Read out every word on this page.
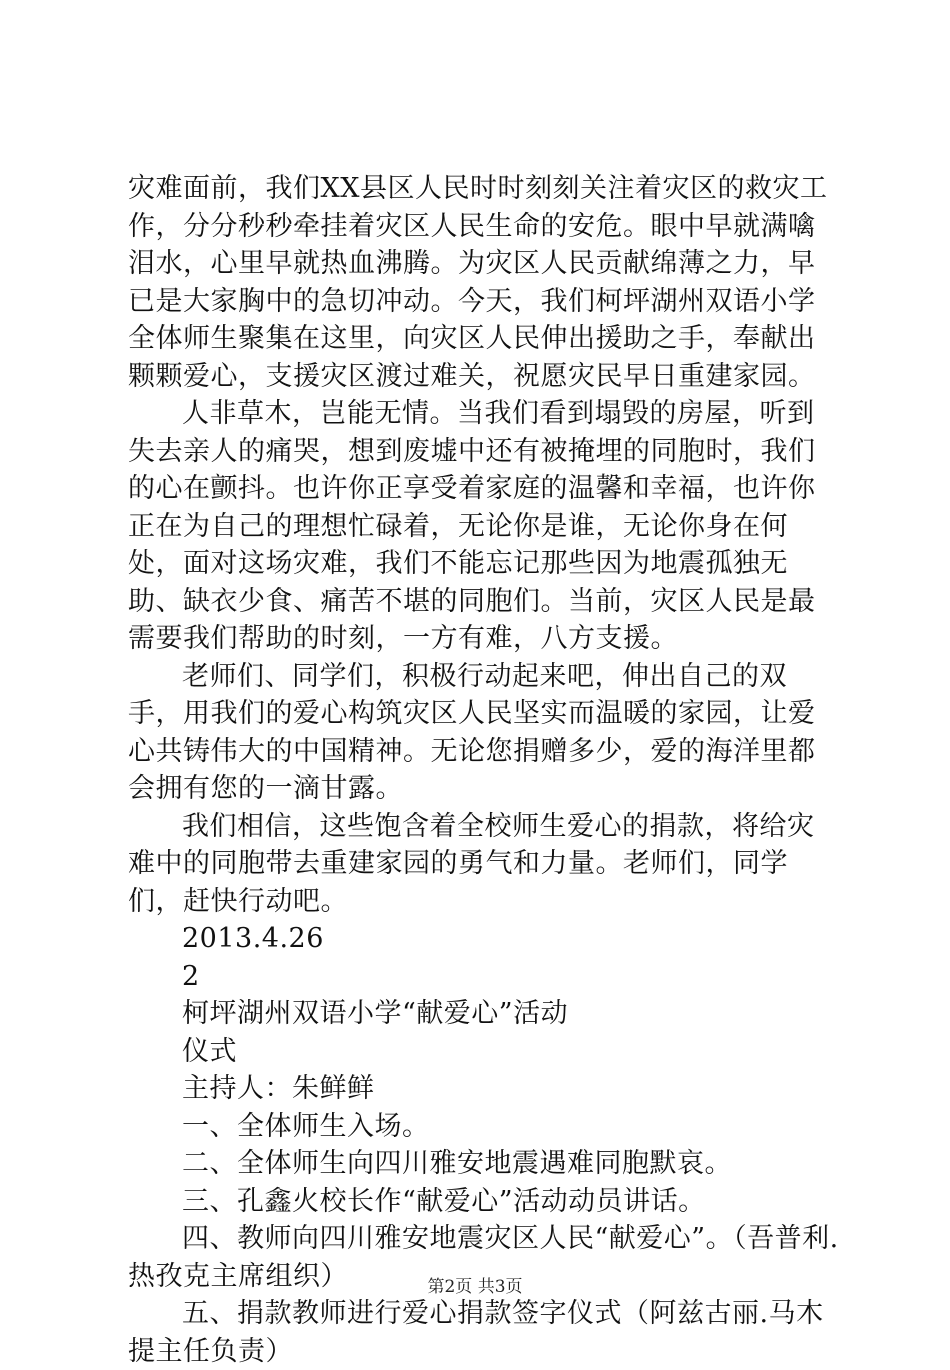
灾难面前，我们XX县区人民时时刻刻关注着灾区的救灾工作，分分秒秒牵挂着灾区人民生命的安危。眼中早就满噙泪水，心里早就热血沸腾。为灾区人民贡献绵薄之力，早已是大家胸中的急切冲动。今天，我们柯坪湖州双语小学全体师生聚集在这里，向灾区人民伸出援助之手，奉献出颗颗爱心，支援灾区渡过难关，祝愿灾民早日重建家园。

人非草木，岂能无情。当我们看到塌毁的房屋，听到失去亲人的痛哭，想到废墟中还有被掩埋的同胞时，我们的心在颤抖。也许你正享受着家庭的温馨和幸福，也许你正在为自己的理想忙碌着，无论你是谁，无论你身在何处，面对这场灾难，我们不能忘记那些因为地震孤独无助、缺衣少食、痛苦不堪的同胞们。当前，灾区人民是最需要我们帮助的时刻，一方有难，八方支援。

老师们、同学们，积极行动起来吧，伸出自己的双手，用我们的爱心构筑灾区人民坚实而温暖的家园，让爱心共铸伟大的中国精神。无论您捐赠多少，爱的海洋里都会拥有您的一滴甘露。

我们相信，这些饱含着全校师生爱心的捐款，将给灾难中的同胞带去重建家园的勇气和力量。老师们，同学们，赶快行动吧。

2013.4.26

2

柯坪湖州双语小学“献爱心”活动

仪式

主持人：朱鲜鲜

一、全体师生入场。

二、全体师生向四川雅安地震遇难同胞默哀。

三、孔鑫火校长作“献爱心”活动动员讲话。

四、教师向四川雅安地震灾区人民“献爱心”。（吾普利.热孜克主席组织）

五、捐款教师进行爱心捐款签字仪式（阿兹古丽.马木提主任负责）

第2页 共3页
